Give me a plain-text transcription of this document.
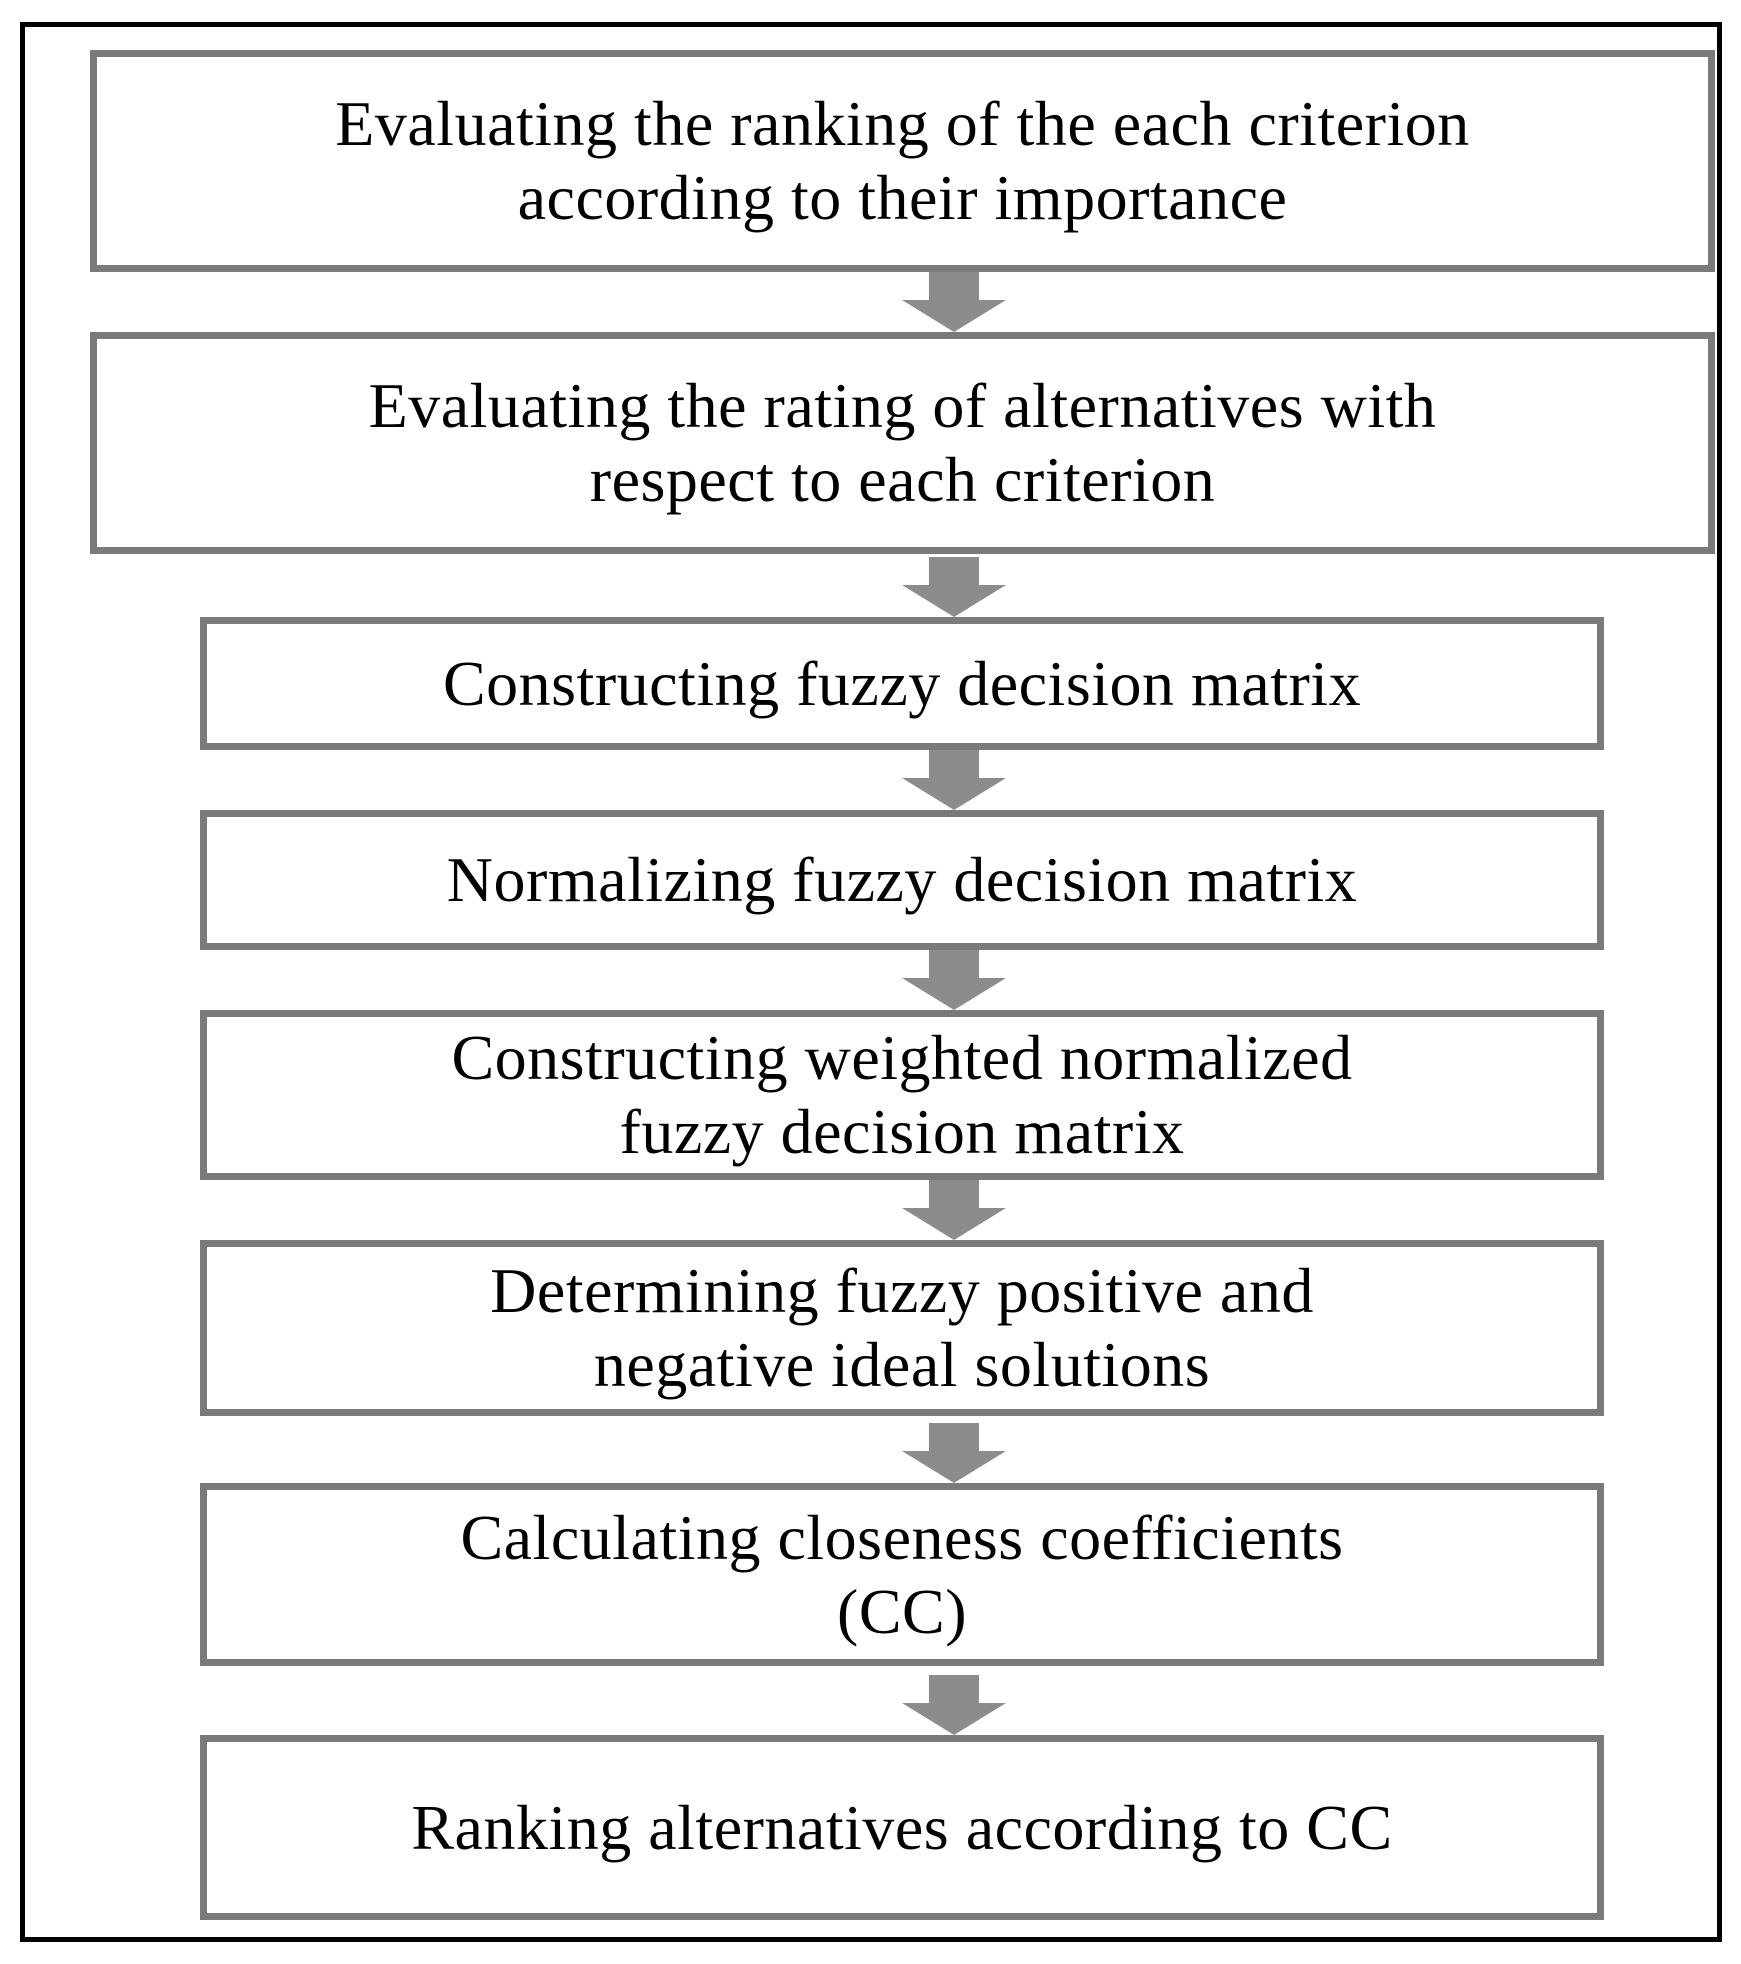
Evaluating the ranking of the each criterion
according to their importance
Evaluating the rating of alternatives with
respect to each criterion
Constructing fuzzy decision matrix
Normalizing fuzzy decision matrix
Constructing weighted normalized
fuzzy decision matrix
Determining fuzzy positive and
negative ideal solutions
Calculating closeness coefficients
(CC)
Ranking alternatives according to CC
